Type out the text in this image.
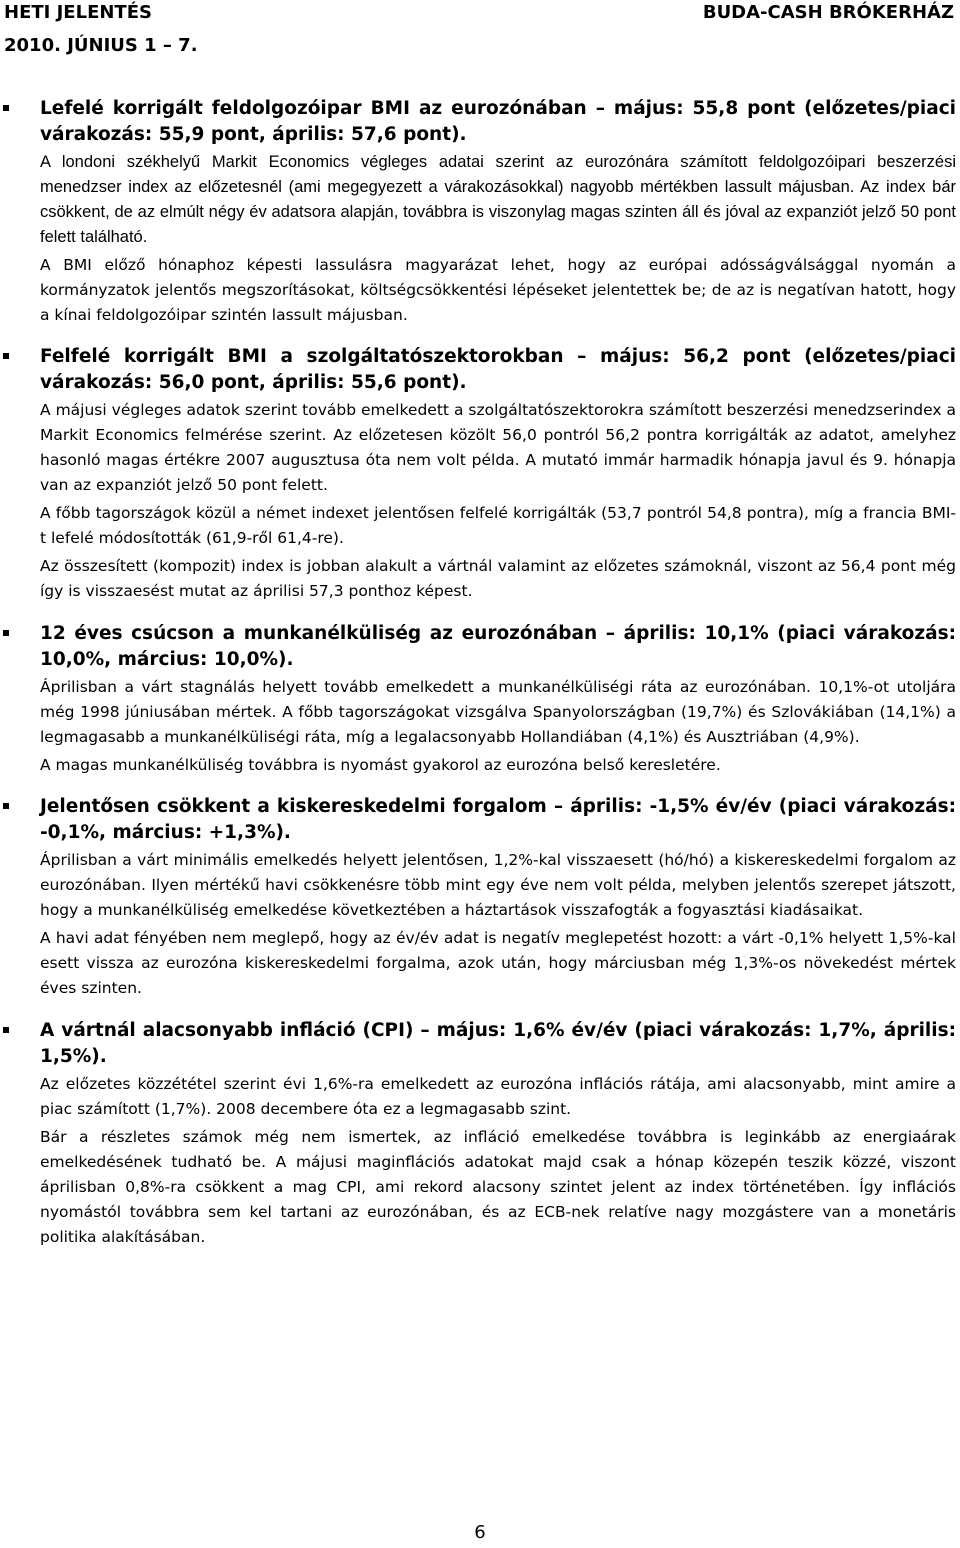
HETI JELENTÉS	BUDA-CASH BRÓKERHÁZ
2010. JÚNIUS 1 – 7.

Lefelé korrigált feldolgozóipar BMI az eurozónában – május: 55,8 pont (előzetes/piaci várakozás: 55,9 pont, április: 57,6 pont).

A londoni székhelyű Markit Economics végleges adatai szerint az eurozónára számított feldolgozóipari beszerzési menedzser index az előzetesnél (ami megegyezett a várakozásokkal) nagyobb mértékben lassult májusban. Az index bár csökkent, de az elmúlt négy év adatsora alapján, továbbra is viszonylag magas szinten áll és jóval az expanziót jelző 50 pont felett található.

A BMI előző hónaphoz képesti lassulásra magyarázat lehet, hogy az európai adósságválsággal nyomán a kormányzatok jelentős megszorításokat, költségcsökkentési lépéseket jelentettek be; de az is negatívan hatott, hogy a kínai feldolgozóipar szintén lassult májusban.

Felfelé korrigált BMI a szolgáltatószektorokban – május: 56,2 pont (előzetes/piaci várakozás: 56,0 pont, április: 55,6 pont).

A májusi végleges adatok szerint tovább emelkedett a szolgáltatószektorokra számított beszerzési menedzserindex a Markit Economics felmérése szerint. Az előzetesen közölt 56,0 pontról 56,2 pontra korrigálták az adatot, amelyhez hasonló magas értékre 2007 augusztusa óta nem volt példa. A mutató immár harmadik hónapja javul és 9. hónapja van az expanziót jelző 50 pont felett.

A főbb tagországok közül a német indexet jelentősen felfelé korrigálták (53,7 pontról 54,8 pontra), míg a francia BMI-t lefelé módosították (61,9-ről 61,4-re).

Az összesített (kompozit) index is jobban alakult a vártnál valamint az előzetes számoknál, viszont az 56,4 pont még így is visszaesést mutat az áprilisi 57,3 ponthoz képest.

12 éves csúcson a munkanélküliség az eurozónában – április: 10,1% (piaci várakozás: 10,0%, március: 10,0%).

Áprilisban a várt stagnálás helyett tovább emelkedett a munkanélküliségi ráta az eurozónában. 10,1%-ot utoljára még 1998 júniusában mértek. A főbb tagországokat vizsgálva Spanyolországban (19,7%) és Szlovákiában (14,1%) a legmagasabb a munkanélküliségi ráta, míg a legalacsonyabb Hollandiában (4,1%) és Ausztriában (4,9%).

A magas munkanélküliség továbbra is nyomást gyakorol az eurozóna belső keresletére.

Jelentősen csökkent a kiskereskedelmi forgalom – április: -1,5% év/év (piaci várakozás: -0,1%, március: +1,3%).

Áprilisban a várt minimális emelkedés helyett jelentősen, 1,2%-kal visszaesett (hó/hó) a kiskereskedelmi forgalom az eurozónában. Ilyen mértékű havi csökkenésre több mint egy éve nem volt példa, melyben jelentős szerepet játszott, hogy a munkanélküliség emelkedése következtében a háztartások visszafogták a fogyasztási kiadásaikat.

A havi adat fényében nem meglepő, hogy az év/év adat is negatív meglepetést hozott: a várt -0,1% helyett 1,5%-kal esett vissza az eurozóna kiskereskedelmi forgalma, azok után, hogy márciusban még 1,3%-os növekedést mértek éves szinten.

A vártnál alacsonyabb infláció (CPI) – május: 1,6% év/év (piaci várakozás: 1,7%, április: 1,5%).

Az előzetes közzététel szerint évi 1,6%-ra emelkedett az eurozóna inflációs rátája, ami alacsonyabb, mint amire a piac számított (1,7%). 2008 decembere óta ez a legmagasabb szint.

Bár a részletes számok még nem ismertek, az infláció emelkedése továbbra is leginkább az energiaárak emelkedésének tudható be. A májusi maginflációs adatokat majd csak a hónap közepén teszik közzé, viszont áprilisban 0,8%-ra csökkent a mag CPI, ami rekord alacsony szintet jelent az index történetében. Így inflációs nyomástól továbbra sem kel tartani az eurozónában, és az ECB-nek relatíve nagy mozgástere van a monetáris politika alakításában.

6
